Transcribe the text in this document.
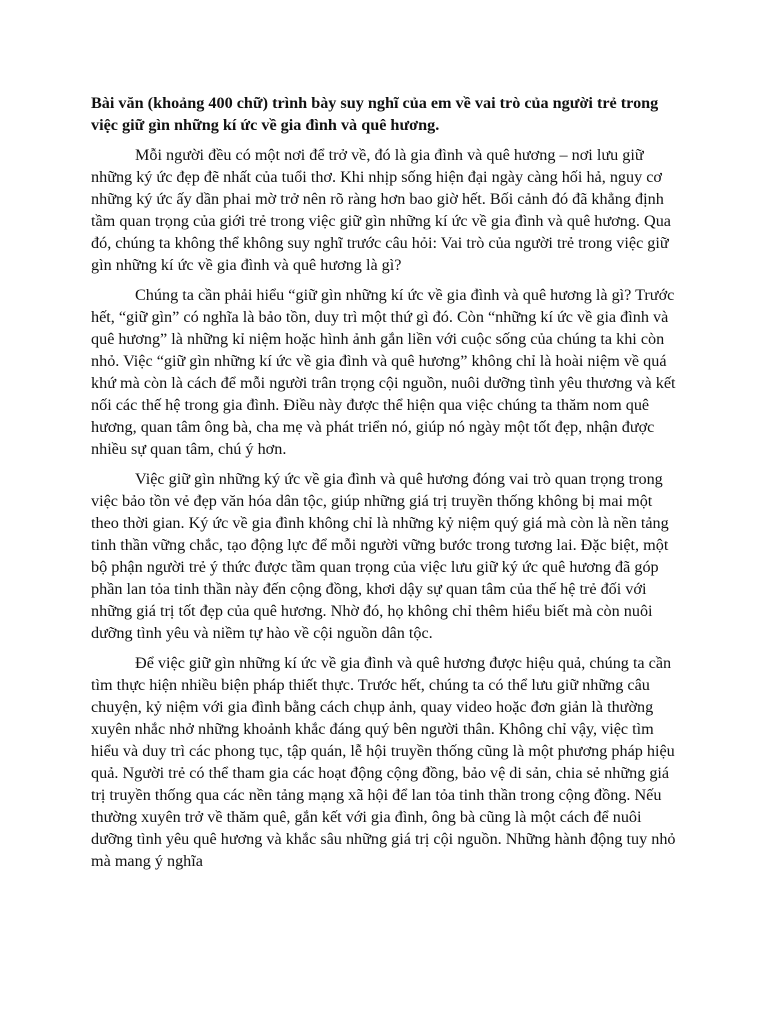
Bài văn (khoảng 400 chữ) trình bày suy nghĩ của em về vai trò của người trẻ trong việc giữ gìn những kí ức về gia đình và quê hương.

Mỗi người đều có một nơi để trở về, đó là gia đình và quê hương – nơi lưu giữ những ký ức đẹp đẽ nhất của tuổi thơ. Khi nhịp sống hiện đại ngày càng hối hả, nguy cơ những ký ức ấy dần phai mờ trở nên rõ ràng hơn bao giờ hết. Bối cảnh đó đã khẳng định tầm quan trọng của giới trẻ trong việc giữ gìn những kí ức về gia đình và quê hương. Qua đó, chúng ta không thể không suy nghĩ trước câu hỏi: Vai trò của người trẻ trong việc giữ gìn những kí ức về gia đình và quê hương là gì?

Chúng ta cần phải hiểu “giữ gìn những kí ức về gia đình và quê hương là gì? Trước hết, “giữ gìn” có nghĩa là bảo tồn, duy trì một thứ gì đó. Còn “những kí ức về gia đình và quê hương” là những kỉ niệm hoặc hình ảnh gắn liền với cuộc sống của chúng ta khi còn nhỏ. Việc “giữ gìn những kí ức về gia đình và quê hương” không chỉ là hoài niệm về quá khứ mà còn là cách để mỗi người trân trọng cội nguồn, nuôi dưỡng tình yêu thương và kết nối các thế hệ trong gia đình. Điều này được thể hiện qua việc chúng ta thăm nom quê hương, quan tâm ông bà, cha mẹ và phát triển nó, giúp nó ngày một tốt đẹp, nhận được nhiều sự quan tâm, chú ý hơn.

Việc giữ gìn những ký ức về gia đình và quê hương đóng vai trò quan trọng trong việc bảo tồn vẻ đẹp văn hóa dân tộc, giúp những giá trị truyền thống không bị mai một theo thời gian. Ký ức về gia đình không chỉ là những kỷ niệm quý giá mà còn là nền tảng tinh thần vững chắc, tạo động lực để mỗi người vững bước trong tương lai. Đặc biệt, một bộ phận người trẻ ý thức được tầm quan trọng của việc lưu giữ ký ức quê hương đã góp phần lan tỏa tinh thần này đến cộng đồng, khơi dậy sự quan tâm của thế hệ trẻ đối với những giá trị tốt đẹp của quê hương. Nhờ đó, họ không chỉ thêm hiểu biết mà còn nuôi dưỡng tình yêu và niềm tự hào về cội nguồn dân tộc.

Để việc giữ gìn những kí ức về gia đình và quê hương được hiệu quả, chúng ta cần tìm thực hiện nhiều biện pháp thiết thực. Trước hết, chúng ta có thể lưu giữ những câu chuyện, kỷ niệm với gia đình bằng cách chụp ảnh, quay video hoặc đơn giản là thường xuyên nhắc nhở những khoảnh khắc đáng quý bên người thân. Không chỉ vậy, việc tìm hiểu và duy trì các phong tục, tập quán, lễ hội truyền thống cũng là một phương pháp hiệu quả. Người trẻ có thể tham gia các hoạt động cộng đồng, bảo vệ di sản, chia sẻ những giá trị truyền thống qua các nền tảng mạng xã hội để lan tỏa tinh thần trong cộng đồng. Nếu thường xuyên trở về thăm quê, gắn kết với gia đình, ông bà cũng là một cách để nuôi dưỡng tình yêu quê hương và khắc sâu những giá trị cội nguồn. Những hành động tuy nhỏ mà mang ý nghĩa
